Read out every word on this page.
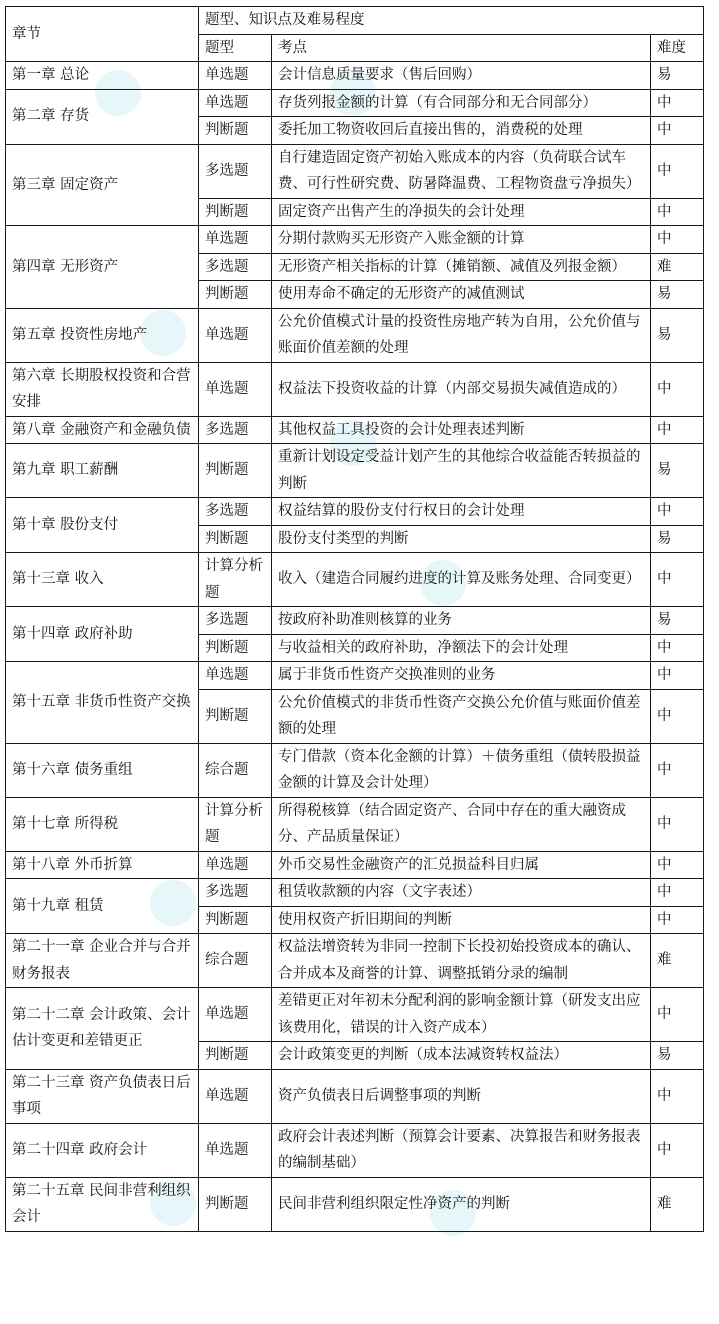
章节	题型、知识点及难易程度		
	题型	考点	难度
第一章 总论	单选题	会计信息质量要求（售后回购）	易
第二章 存货	单选题	存货列报金额的计算（有合同部分和无合同部分）	中
	判断题	委托加工物资收回后直接出售的，消费税的处理	中
第三章 固定资产	多选题	自行建造固定资产初始入账成本的内容（负荷联合试车费、可行性研究费、防暑降温费、工程物资盘亏净损失）	中
	判断题	固定资产出售产生的净损失的会计处理	中
第四章 无形资产	单选题	分期付款购买无形资产入账金额的计算	中
	多选题	无形资产相关指标的计算（摊销额、减值及列报金额）	难
	判断题	使用寿命不确定的无形资产的减值测试	易
第五章 投资性房地产	单选题	公允价值模式计量的投资性房地产转为自用，公允价值与账面价值差额的处理	易
第六章 长期股权投资和合营安排	单选题	权益法下投资收益的计算（内部交易损失减值造成的）	中
第八章 金融资产和金融负债	多选题	其他权益工具投资的会计处理表述判断	中
第九章 职工薪酬	判断题	重新计划设定受益计划产生的其他综合收益能否转损益的判断	易
第十章 股份支付	多选题	权益结算的股份支付行权日的会计处理	中
	判断题	股份支付类型的判断	易
第十三章 收入	计算分析题	收入（建造合同履约进度的计算及账务处理、合同变更）	中
第十四章 政府补助	多选题	按政府补助准则核算的业务	易
	判断题	与收益相关的政府补助，净额法下的会计处理	中
第十五章 非货币性资产交换	单选题	属于非货币性资产交换准则的业务	中
	判断题	公允价值模式的非货币性资产交换公允价值与账面价值差额的处理	中
第十六章 债务重组	综合题	专门借款（资本化金额的计算）＋债务重组（债转股损益金额的计算及会计处理）	中
第十七章 所得税	计算分析题	所得税核算（结合固定资产、合同中存在的重大融资成分、产品质量保证）	中
第十八章 外币折算	单选题	外币交易性金融资产的汇兑损益科目归属	中
第十九章 租赁	多选题	租赁收款额的内容（文字表述）	中
	判断题	使用权资产折旧期间的判断	中
第二十一章 企业合并与合并财务报表	综合题	权益法增资转为非同一控制下长投初始投资成本的确认、合并成本及商誉的计算、调整抵销分录的编制	难
第二十二章 会计政策、会计估计变更和差错更正	单选题	差错更正对年初未分配利润的影响金额计算（研发支出应该费用化，错误的计入资产成本）	中
	判断题	会计政策变更的判断（成本法减资转权益法）	易
第二十三章 资产负债表日后事项	单选题	资产负债表日后调整事项的判断	中
第二十四章 政府会计	单选题	政府会计表述判断（预算会计要素、决算报告和财务报表的编制基础）	中
第二十五章 民间非营利组织会计	判断题	民间非营利组织限定性净资产的判断	难
